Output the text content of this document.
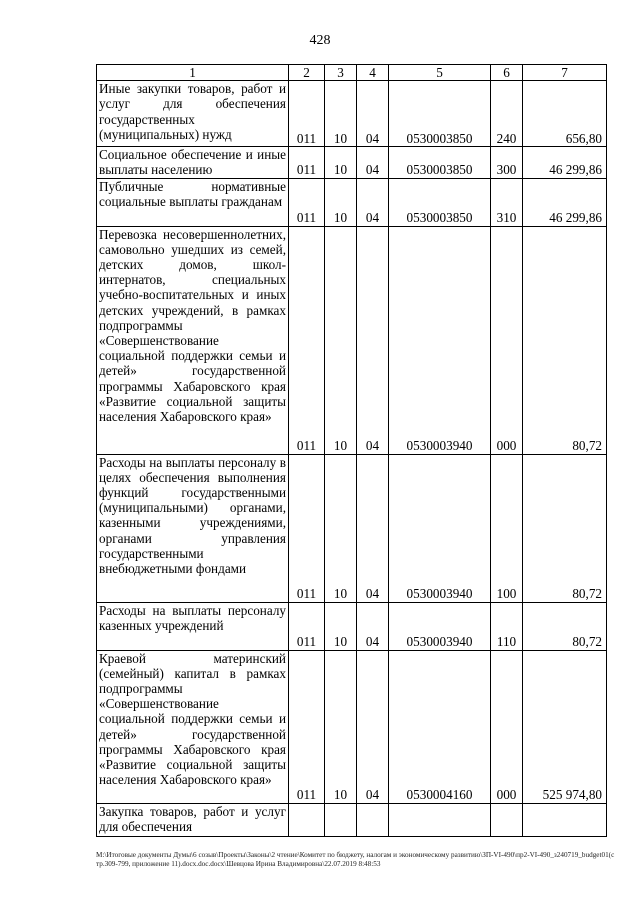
428
1	2	3	4	5	6	7
Иные закупки товаров, работ и услуг для обеспечения государственных (муниципальных) нужд	011	10	04	0530003850	240	656,80
Социальное обеспечение и иные выплаты населению	011	10	04	0530003850	300	46 299,86
Публичные нормативные социальные выплаты гражданам	011	10	04	0530003850	310	46 299,86
Перевозка несовершеннолетних, самовольно ушедших из семей, детских домов, школ-интернатов, специальных учебно-воспитательных и иных детских учреждений, в рамках подпрограммы «Совершенствование социальной поддержки семьи и детей» государственной программы Хабаровского края «Развитие социальной защиты населения Хабаровского края»	011	10	04	0530003940	000	80,72
Расходы на выплаты персоналу в целях обеспечения выполнения функций государственными (муниципальными) органами, казенными учреждениями, органами управления государственными внебюджетными фондами	011	10	04	0530003940	100	80,72
Расходы на выплаты персоналу казенных учреждений	011	10	04	0530003940	110	80,72
Краевой материнский (семейный) капитал в рамках подпрограммы «Совершенствование социальной поддержки семьи и детей» государственной программы Хабаровского края «Развитие социальной защиты населения Хабаровского края»	011	10	04	0530004160	000	525 974,80
Закупка товаров, работ и услуг для обеспечения						
M:\Итоговые документы Думы\6 созыв\Проекты\Законы\2 чтение\Комитет по бюджету, налогам и экономическому развитию\ЗП-VI-490\пр2-VI-490_з240719_budget01(стр.309-799, приложение 11).docx.doc.docx\Шевцова Ирина Владимировна\22.07.2019 8:48:53
